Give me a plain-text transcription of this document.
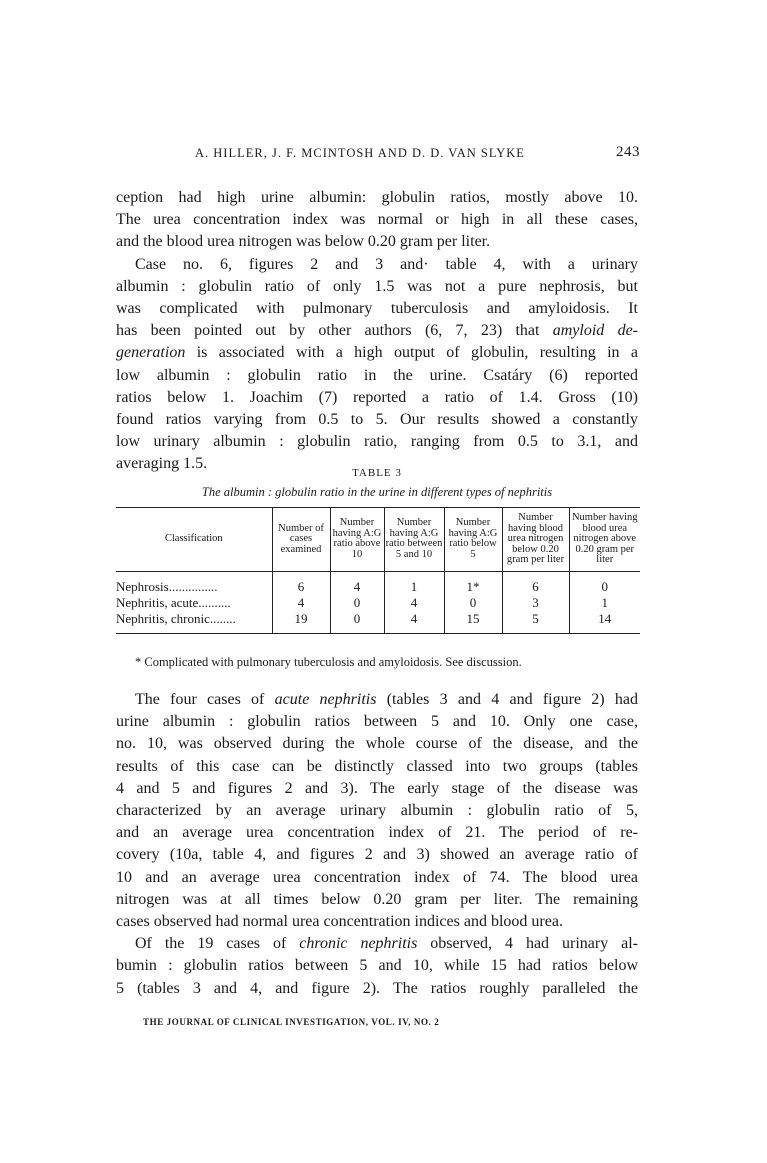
A. HILLER, J. F. MCINTOSH AND D. D. VAN SLYKE	243

ception had high urine albumin: globulin ratios, mostly above 10.
The urea concentration index was normal or high in all these cases,
and the blood urea nitrogen was below 0.20 gram per liter.

Case no. 6, figures 2 and 3 and· table 4, with a urinary
albumin : globulin ratio of only 1.5 was not a pure nephrosis, but
was complicated with pulmonary tuberculosis and amyloidosis. It
has been pointed out by other authors (6, 7, 23) that amyloid de-
generation is associated with a high output of globulin, resulting in a
low albumin : globulin ratio in the urine. Csatáry (6) reported
ratios below 1. Joachim (7) reported a ratio of 1.4. Gross (10)
found ratios varying from 0.5 to 5. Our results showed a constantly
low urinary albumin : globulin ratio, ranging from 0.5 to 3.1, and
averaging 1.5.

TABLE 3
The albumin : globulin ratio in the urine in different types of nephritis
Classification	Number of cases examined	Number having A:G ratio above 10	Number having A:G ratio between 5 and 10	Number having A:G ratio below 5	Number having blood urea nitrogen below 0.20 gram per liter	Number having blood urea nitrogen above 0.20 gram per liter
Nephrosis...............	6	4	1	1*	6	0
Nephritis, acute..........	4	0	4	0	3	1
Nephritis, chronic........	19	0	4	15	5	14
* Complicated with pulmonary tuberculosis and amyloidosis. See discussion.

The four cases of acute nephritis (tables 3 and 4 and figure 2) had
urine albumin : globulin ratios between 5 and 10. Only one case,
no. 10, was observed during the whole course of the disease, and the
results of this case can be distinctly classed into two groups (tables
4 and 5 and figures 2 and 3). The early stage of the disease was
characterized by an average urinary albumin : globulin ratio of 5,
and an average urea concentration index of 21. The period of re-
covery (10a, table 4, and figures 2 and 3) showed an average ratio of
10 and an average urea concentration index of 74. The blood urea
nitrogen was at all times below 0.20 gram per liter. The remaining
cases observed had normal urea concentration indices and blood urea.

Of the 19 cases of chronic nephritis observed, 4 had urinary al-
bumin : globulin ratios between 5 and 10, while 15 had ratios below
5 (tables 3 and 4, and figure 2). The ratios roughly paralleled the

THE JOURNAL OF CLINICAL INVESTIGATION, VOL. IV, NO. 2
